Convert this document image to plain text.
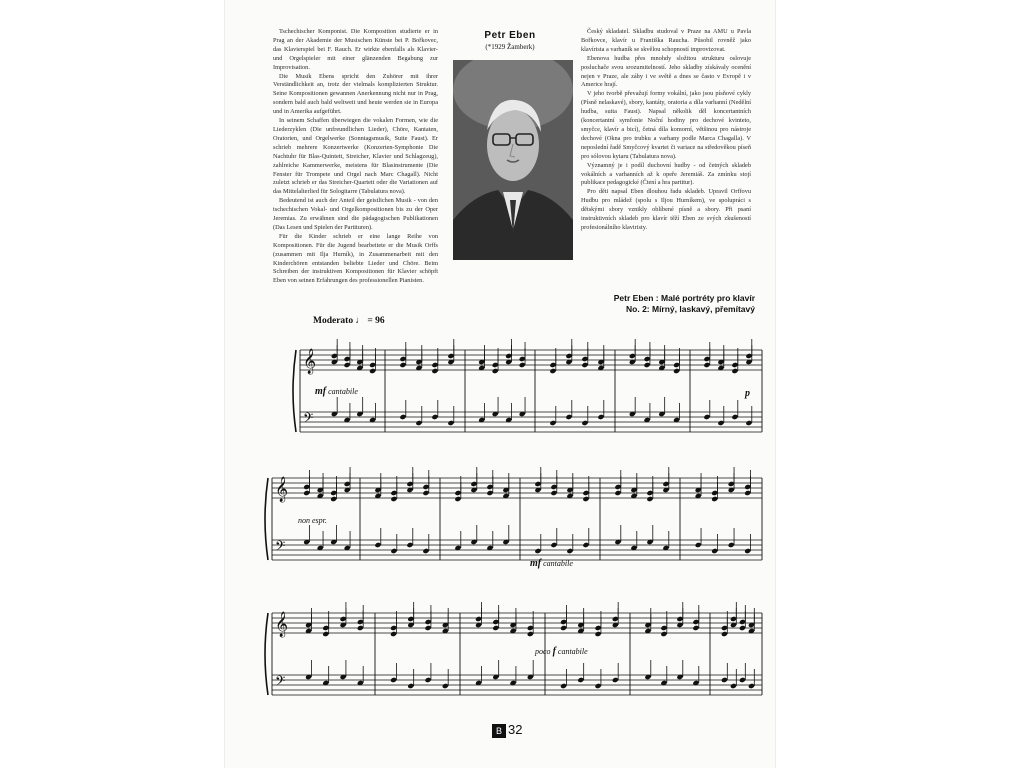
Tschechischer Komponist. Die Komposition studierte er in Prag an der Akademie der Musischen Künste bei P. Bořkovec, das Klavierspiel bei F. Rauch. Er wirkte ebenfalls als Klavier- und Orgelspieler mit einer glänzenden Begabung zur Improvisation.

Die Musik Ebens spricht den Zuhörer mit ihrer Verständlichkeit an, trotz der vielmals komplizierten Struktur. Seine Kompositionen gewannen Anerkennung nicht nur in Prag, sondern bald auch bald weltweit und heute werden sie in Europa und in Amerika aufgeführt.

In seinem Schaffen überwiegen die vokalen Formen, wie die Liederzyklen (Die unfreundlichen Lieder), Chöre, Kantaten, Oratorien, und Orgelwerke (Sonntagsmusik, Suite Faust). Er schrieb mehrere Konzertwerke (Konzerten-Symphonie Die Nachtuhr für Blas-Quintett, Streicher, Klavier und Schlagzeug), zahlreiche Kammerwerke, meistens für Blasinstrumente (Die Fenster für Trompete und Orgel nach Marc Chagall). Nicht zuletzt schrieb er das Streicher-Quartett oder die Variationen auf das Mittelalterlied für Sologitarre (Tabulatura nova).

Bedeutend ist auch der Anteil der geistlichen Musik - von den tschechischen Vokal- und Orgelkompositionen bis zu der Oper Jeremias. Zu erwähnen sind die pädagogischen Publikationen (Das Lesen und Spielen der Partituren).

Für die Kinder schrieb er eine lange Reihe von Kompositionen. Für die Jugend bearbeitete er die Musik Orffs (zusammen mit Ilja Hurník), in Zusammenarbeit mit den Kinderchören entstanden beliebte Lieder und Chöre. Beim Schreiben der instruktiven Kompositionen für Klavier schöpft Eben von seinen Erfahrungen des professionellen Pianisten.

Petr Eben
(*1929 Žamberk)

Český skladatel. Skladbu studoval v Praze na AMU u Pavla Bořkovce, klavír u Františka Raucha. Působil rovněž jako klavírista a varhaník se skvělou schopností improvizovat.

Ebenova hudba přes mnohdy složitou strukturu oslovuje posluchače svou srozumitelností. Jeho skladby získávaly ocenění nejen v Praze, ale záhy i ve světě a dnes se často v Evropě i v Americe hrají.

V jeho tvorbě převažují formy vokální, jako jsou písňové cykly (Písně nelaskavé), sbory, kantáty, oratoria a díla varhanní (Nedělní hudba, suita Faust). Napsal několik děl koncertantních (koncertantní symfonie Noční hodiny pro dechové kvinteto, smyčce, klavír a bicí), četná díla komorní, většinou pro nástroje dechové (Okna pro trubku a varhany podle Marca Chagalla). V neposlední řadě Smyčcový kvartet či variace na středověkou píseň pro sólovou kytaru (Tabulatura nova).

Významný je i podíl duchovní hudby - od četných skladeb vokálních a varhanních až k opeře Jeremiáš. Za zmínku stojí publikace pedagogické (Čtení a hra partitur).

Pro děti napsal Eben dlouhou řadu skladeb. Upravil Orffovu Hudbu pro mládež (spolu s Iljou Hurníkem), ve spolupráci s dětskými sbory vznikly oblíbené písně a sbory. Při psaní instruktivních skladeb pro klavír těží Eben ze svých zkušeností profesionálního klaviristy.

Petr Eben : Malé portréty pro klavír
No. 2: Mírný, laskavý, přemítavý
Moderato ♩ = 96
𝄞
𝄢
𝄞
𝄢
𝄞
𝄢
mf cantabile	p
non espr.
mf cantabile
poco f cantabile
B 32
